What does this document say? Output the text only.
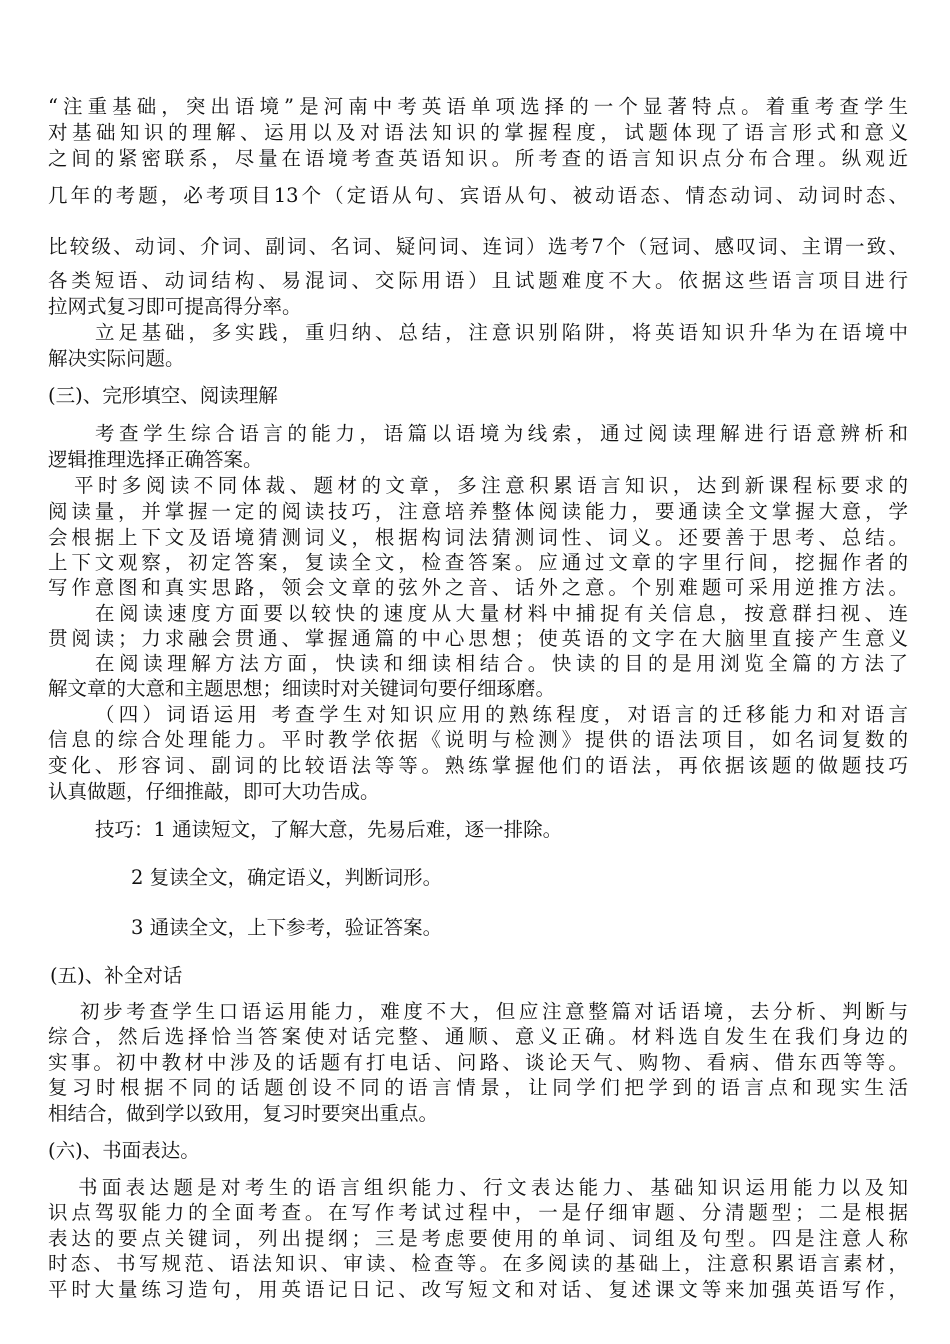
“注重基础，突出语境”是河南中考英语单项选择的一个显著特点。着重考查学生
对基础知识的理解、运用以及对语法知识的掌握程度，试题体现了语言形式和意义
之间的紧密联系，尽量在语境考查英语知识。所考查的语言知识点分布合理。纵观近
几年的考题，必考项目13个（定语从句、宾语从句、被动语态、情态动词、动词时态、
比较级、动词、介词、副词、名词、疑问词、连词）选考7个（冠词、感叹词、主谓一致、
各类短语、动词结构、易混词、交际用语）且试题难度不大。依据这些语言项目进行
拉网式复习即可提高得分率。
立足基础，多实践，重归纳、总结，注意识别陷阱，将英语知识升华为在语境中
解决实际问题。
(三)、完形填空、阅读理解
考查学生综合语言的能力，语篇以语境为线索，通过阅读理解进行语意辨析和
逻辑推理选择正确答案。
平时多阅读不同体裁、题材的文章，多注意积累语言知识，达到新课程标要求的
阅读量，并掌握一定的阅读技巧，注意培养整体阅读能力，要通读全文掌握大意，学
会根据上下文及语境猜测词义，根据构词法猜测词性、词义。还要善于思考、总结。
上下文观察，初定答案，复读全文，检查答案。应通过文章的字里行间，挖掘作者的
写作意图和真实思路，领会文章的弦外之音、话外之意。个别难题可采用逆推方法。
在阅读速度方面要以较快的速度从大量材料中捕捉有关信息，按意群扫视、连
贯阅读；力求融会贯通、掌握通篇的中心思想；使英语的文字在大脑里直接产生意义
在阅读理解方法方面，快读和细读相结合。快读的目的是用浏览全篇的方法了
解文章的大意和主题思想；细读时对关键词句要仔细琢磨。
（四）词语运用 考查学生对知识应用的熟练程度，对语言的迁移能力和对语言
信息的综合处理能力。平时教学依据《说明与检测》提供的语法项目，如名词复数的
变化、形容词、副词的比较语法等等。熟练掌握他们的语法，再依据该题的做题技巧
认真做题，仔细推敲，即可大功告成。
技巧：1 通读短文，了解大意，先易后难，逐一排除。
2 复读全文，确定语义，判断词形。
3 通读全文，上下参考，验证答案。
(五)、补全对话
初步考查学生口语运用能力，难度不大，但应注意整篇对话语境，去分析、判断与
综合，然后选择恰当答案使对话完整、通顺、意义正确。材料选自发生在我们身边的
实事。初中教材中涉及的话题有打电话、问路、谈论天气、购物、看病、借东西等等。
复习时根据不同的话题创设不同的语言情景，让同学们把学到的语言点和现实生活
相结合，做到学以致用，复习时要突出重点。
(六)、书面表达。
书面表达题是对考生的语言组织能力、行文表达能力、基础知识运用能力以及知
识点驾驭能力的全面考查。在写作考试过程中，一是仔细审题、分清题型；二是根据
表达的要点关键词，列出提纲；三是考虑要使用的单词、词组及句型。四是注意人称
时态、书写规范、语法知识、审读、检查等。在多阅读的基础上，注意积累语言素材，
平时大量练习造句，用英语记日记、改写短文和对话、复述课文等来加强英语写作，
